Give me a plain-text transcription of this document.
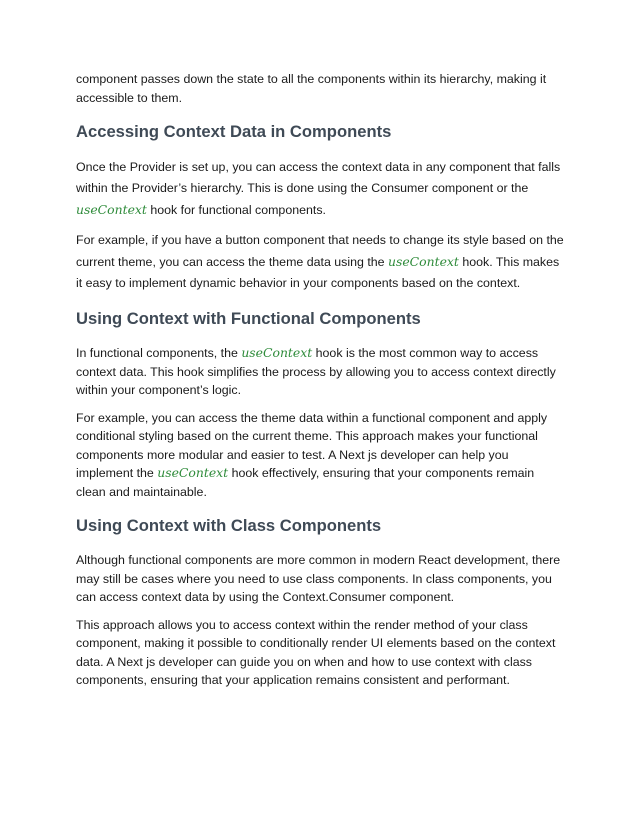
component passes down the state to all the components within its hierarchy, making it accessible to them.

Accessing Context Data in Components

Once the Provider is set up, you can access the context data in any component that falls within the Provider’s hierarchy. This is done using the Consumer component or the useContext hook for functional components.

For example, if you have a button component that needs to change its style based on the current theme, you can access the theme data using the useContext hook. This makes it easy to implement dynamic behavior in your components based on the context.

Using Context with Functional Components

In functional components, the useContext hook is the most common way to access context data. This hook simplifies the process by allowing you to access context directly within your component’s logic.

For example, you can access the theme data within a functional component and apply conditional styling based on the current theme. This approach makes your functional components more modular and easier to test. A Next js developer can help you implement the useContext hook effectively, ensuring that your components remain clean and maintainable.

Using Context with Class Components

Although functional components are more common in modern React development, there may still be cases where you need to use class components. In class components, you can access context data by using the Context.Consumer component.

This approach allows you to access context within the render method of your class component, making it possible to conditionally render UI elements based on the context data. A Next js developer can guide you on when and how to use context with class components, ensuring that your application remains consistent and performant.
